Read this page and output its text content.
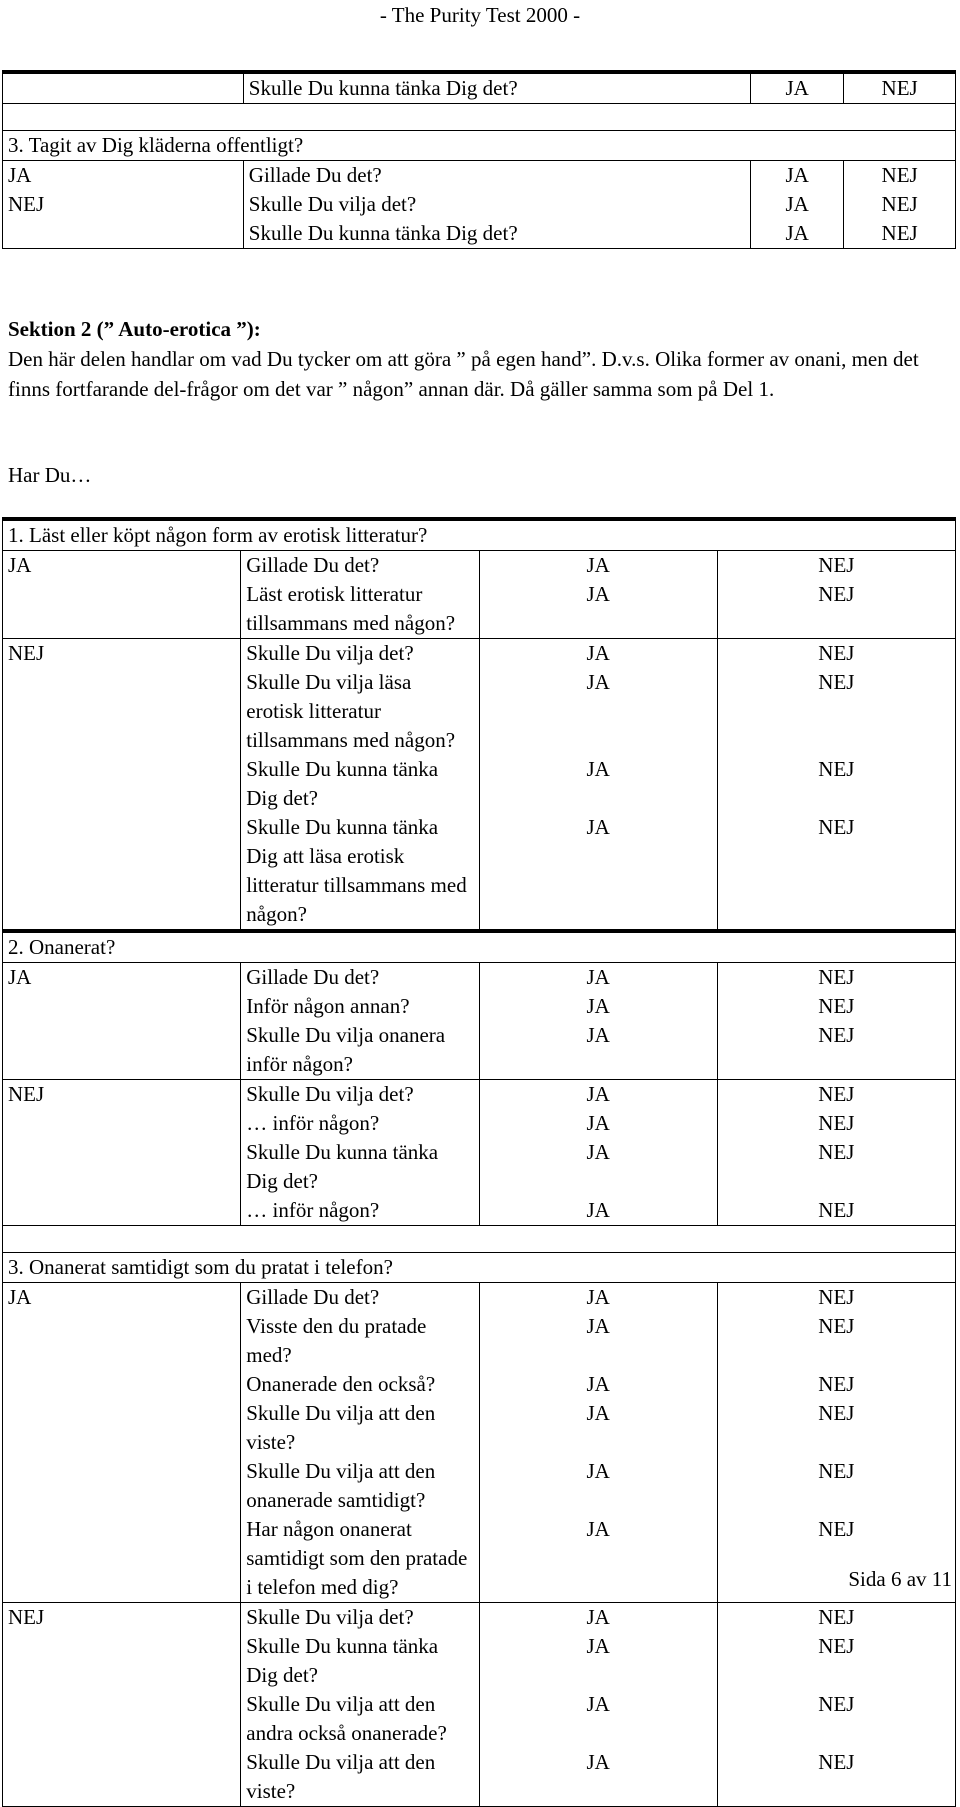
- The Purity Test 2000 -
	Skulle Du kunna tänka Dig det?	JA	NEJ

3. Tagit av Dig kläderna offentligt?			
JA	Gillade Du det?	JA	NEJ
NEJ	Skulle Du vilja det?	JA	NEJ
	Skulle Du kunna tänka Dig det?	JA	NEJ
Sektion 2 (” Auto-erotica ”):
Den här delen handlar om vad Du tycker om att göra ” på egen hand”. D.v.s. Olika former av onani, men det finns fortfarande del-frågor om det var ” någon” annan där. Då gäller samma som på Del 1.
Har Du…
1. Läst eller köpt någon form av erotisk litteratur?			
JA	Gillade Du det?	JA	NEJ
	Läst erotisk litteratur tillsammans med någon?	JA	NEJ
NEJ	Skulle Du vilja det?	JA	NEJ
	Skulle Du vilja läsa erotisk litteratur tillsammans med någon?	JA	NEJ
	Skulle Du kunna tänka Dig det?	JA	NEJ
	Skulle Du kunna tänka Dig att läsa erotisk litteratur tillsammans med någon?	JA	NEJ
2. Onanerat?			
JA	Gillade Du det?	JA	NEJ
	Inför någon annan?	JA	NEJ
	Skulle Du vilja onanera inför någon?	JA	NEJ
NEJ	Skulle Du vilja det?	JA	NEJ
	… inför någon?	JA	NEJ
	Skulle Du kunna tänka Dig det?	JA	NEJ
	… inför någon?	JA	NEJ

3. Onanerat samtidigt som du pratat i telefon?			
JA	Gillade Du det?	JA	NEJ
	Visste den du pratade med?	JA	NEJ
	Onanerade den också?	JA	NEJ
	Skulle Du vilja att den viste?	JA	NEJ
	Skulle Du vilja att den onanerade samtidigt?	JA	NEJ
	Har någon onanerat samtidigt som den pratade i telefon med dig?	JA	NEJ
NEJ	Skulle Du vilja det?	JA	NEJ
	Skulle Du kunna tänka Dig det?	JA	NEJ
	Skulle Du vilja att den andra också onanerade?	JA	NEJ
	Skulle Du vilja att den viste?	JA	NEJ
Sida 6 av 11
